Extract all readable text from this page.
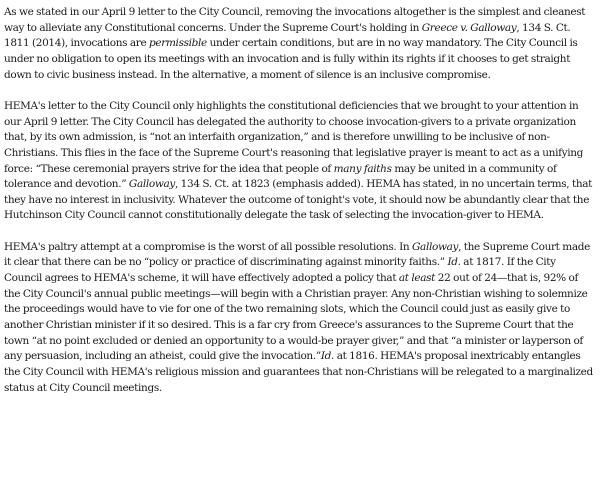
As we stated in our April 9 letter to the City Council, removing the invocations altogether is the simplest and cleanest way to alleviate any Constitutional concerns. Under the Supreme Court's holding in Greece v. Galloway, 134 S. Ct. 1811 (2014), invocations are permissible under certain conditions, but are in no way mandatory. The City Council is under no obligation to open its meetings with an invocation and is fully within its rights if it chooses to get straight down to civic business instead. In the alternative, a moment of silence is an inclusive compromise.

HEMA's letter to the City Council only highlights the constitutional deficiencies that we brought to your attention in our April 9 letter. The City Council has delegated the authority to choose invocation-givers to a private organization that, by its own admission, is “not an interfaith organization,” and is therefore unwilling to be inclusive of non-Christians. This flies in the face of the Supreme Court's reasoning that legislative prayer is meant to act as a unifying force: “These ceremonial prayers strive for the idea that people of many faiths may be united in a community of tolerance and devotion.” Galloway, 134 S. Ct. at 1823 (emphasis added). HEMA has stated, in no uncertain terms, that they have no interest in inclusivity. Whatever the outcome of tonight's vote, it should now be abundantly clear that the Hutchinson City Council cannot constitutionally delegate the task of selecting the invocation-giver to HEMA.

HEMA's paltry attempt at a compromise is the worst of all possible resolutions. In Galloway, the Supreme Court made it clear that there can be no “policy or practice of discriminating against minority faiths.” Id. at 1817. If the City Council agrees to HEMA's scheme, it will have effectively adopted a policy that at least 22 out of 24—that is, 92% of the City Council's annual public meetings—will begin with a Christian prayer. Any non-Christian wishing to solemnize the proceedings would have to vie for one of the two remaining slots, which the Council could just as easily give to another Christian minister if it so desired. This is a far cry from Greece's assurances to the Supreme Court that the town “at no point excluded or denied an opportunity to a would-be prayer giver,” and that “a minister or layperson of any persuasion, including an atheist, could give the invocation.”Id. at 1816. HEMA's proposal inextricably entangles the City Council with HEMA's religious mission and guarantees that non-Christians will be relegated to a marginalized status at City Council meetings.
